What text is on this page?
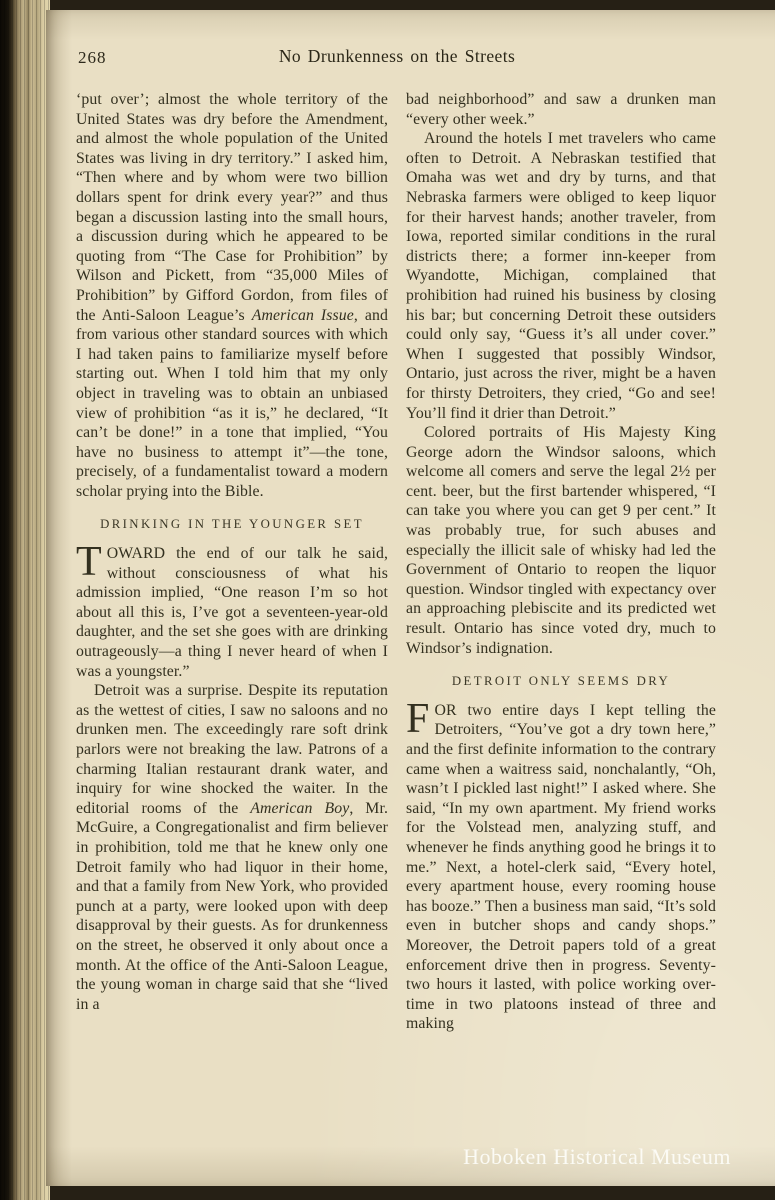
268	No Drunkenness on the Streets

‘put over’; almost the whole territory of the United States was dry before the Amendment, and almost the whole population of the United States was living in dry territory.” I asked him, “Then where and by whom were two billion dollars spent for drink every year?” and thus began a discussion lasting into the small hours, a discussion during which he appeared to be quoting from “The Case for Prohibition” by Wilson and Pickett, from “35,000 Miles of Prohibition” by Gifford Gordon, from files of the Anti-Saloon League’s American Issue, and from various other standard sources with which I had taken pains to familiarize myself before starting out. When I told him that my only object in traveling was to obtain an unbiased view of prohibition “as it is,” he declared, “It can’t be done!” in a tone that implied, “You have no business to attempt it”—the tone, precisely, of a fundamentalist toward a modern scholar prying into the Bible.

DRINKING IN THE YOUNGER SET

TOWARD the end of our talk he said, without consciousness of what his admission implied, “One reason I’m so hot about all this is, I’ve got a seventeen-year-old daughter, and the set she goes with are drinking outrageously—a thing I never heard of when I was a youngster.”

Detroit was a surprise. Despite its reputation as the wettest of cities, I saw no saloons and no drunken men. The exceedingly rare soft drink parlors were not breaking the law. Patrons of a charming Italian restaurant drank water, and inquiry for wine shocked the waiter. In the editorial rooms of the American Boy, Mr. McGuire, a Congregationalist and firm believer in prohibition, told me that he knew only one Detroit family who had liquor in their home, and that a family from New York, who provided punch at a party, were looked upon with deep disapproval by their guests. As for drunkenness on the street, he observed it only about once a month. At the office of the Anti-Saloon League, the young woman in charge said that she “lived in a

bad neighborhood” and saw a drunken man “every other week.”

Around the hotels I met travelers who came often to Detroit. A Nebraskan testified that Omaha was wet and dry by turns, and that Nebraska farmers were obliged to keep liquor for their harvest hands; another traveler, from Iowa, reported similar conditions in the rural districts there; a former inn-keeper from Wyandotte, Michigan, complained that prohibition had ruined his business by closing his bar; but concerning Detroit these outsiders could only say, “Guess it’s all under cover.” When I suggested that possibly Windsor, Ontario, just across the river, might be a haven for thirsty Detroiters, they cried, “Go and see! You’ll find it drier than Detroit.”

Colored portraits of His Majesty King George adorn the Windsor saloons, which welcome all comers and serve the legal 2½ per cent. beer, but the first bartender whispered, “I can take you where you can get 9 per cent.” It was probably true, for such abuses and especially the illicit sale of whisky had led the Government of Ontario to reopen the liquor question. Windsor tingled with expectancy over an approaching plebiscite and its predicted wet result. Ontario has since voted dry, much to Windsor’s indignation.

DETROIT ONLY SEEMS DRY

FOR two entire days I kept telling the Detroiters, “You’ve got a dry town here,” and the first definite information to the contrary came when a waitress said, nonchalantly, “Oh, wasn’t I pickled last night!” I asked where. She said, “In my own apartment. My friend works for the Volstead men, analyzing stuff, and whenever he finds anything good he brings it to me.” Next, a hotel-clerk said, “Every hotel, every apartment house, every rooming house has booze.” Then a business man said, “It’s sold even in butcher shops and candy shops.” Moreover, the Detroit papers told of a great enforcement drive then in progress. Seventy-two hours it lasted, with police working over-time in two platoons instead of three and making

Hoboken Historical Museum
